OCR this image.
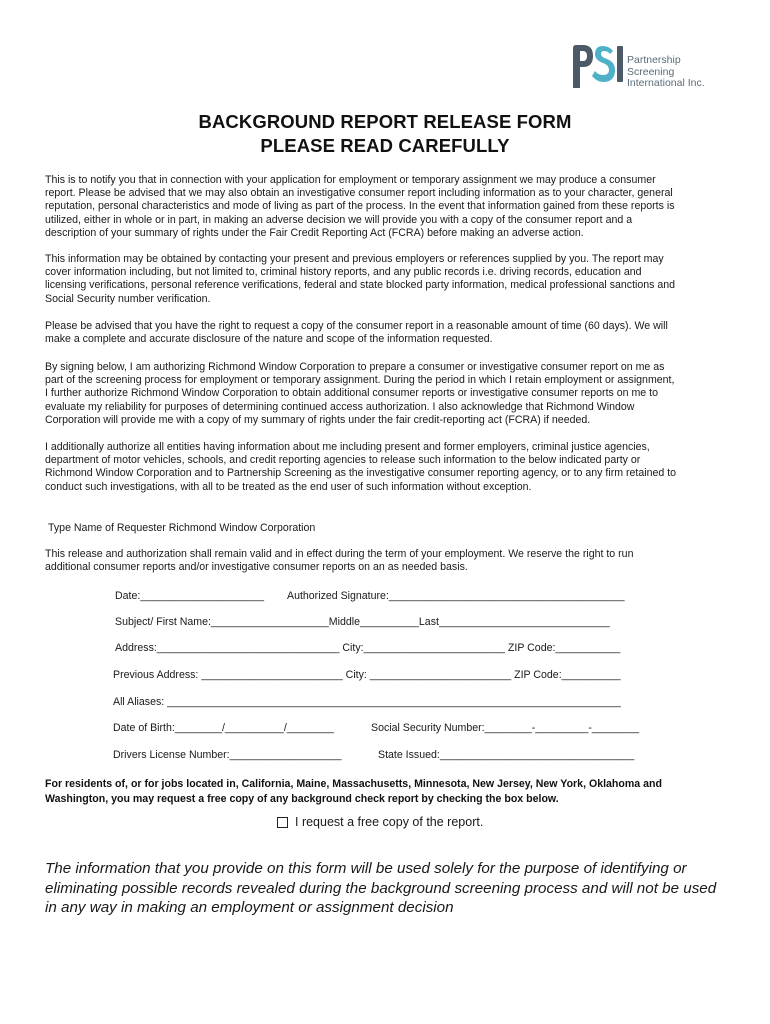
Partnership
Screening
International Inc.
BACKGROUND REPORT RELEASE FORM
PLEASE READ CAREFULLY
This is to notify you that in connection with your application for employment or temporary assignment we may produce a consumer
report. Please be advised that we may also obtain an investigative consumer report including information as to your character, general
reputation, personal characteristics and mode of living as part of the process. In the event that information gained from these reports is
utilized, either in whole or in part, in making an adverse decision we will provide you with a copy of the consumer report and a
description of your summary of rights under the Fair Credit Reporting Act (FCRA) before making an adverse action.
This information may be obtained by contacting your present and previous employers or references supplied by you. The report may
cover information including, but not limited to, criminal history reports, and any public records i.e. driving records, education and
licensing verifications, personal reference verifications, federal and state blocked party information, medical professional sanctions and
Social Security number verification.
Please be advised that you have the right to request a copy of the consumer report in a reasonable amount of time (60 days). We will
make a complete and accurate disclosure of the nature and scope of the information requested.
By signing below, I am authorizing Richmond Window Corporation to prepare a consumer or investigative consumer report on me as
part of the screening process for employment or temporary assignment. During the period in which I retain employment or assignment,
I further authorize Richmond Window Corporation to obtain additional consumer reports or investigative consumer reports on me to
evaluate my reliability for purposes of determining continued access authorization. I also acknowledge that Richmond Window
Corporation will provide me with a copy of my summary of rights under the fair credit-reporting act (FCRA) if needed.
I additionally authorize all entities having information about me including present and former employers, criminal justice agencies,
department of motor vehicles, schools, and credit reporting agencies to release such information to the below indicated party or
Richmond Window Corporation and to Partnership Screening as the investigative consumer reporting agency, or to any firm retained to
conduct such investigations, with all to be treated as the end user of such information without exception.
Type Name of Requester Richmond Window Corporation
This release and authorization shall remain valid and in effect during the term of your employment. We reserve the right to run
additional consumer reports and/or investigative consumer reports on an as needed basis.
Date:_____________________ Authorized Signature:________________________________________
Subject/ First Name:____________________Middle__________Last_____________________________
Address:_______________________________ City:________________________ ZIP Code:___________
Previous Address: ________________________ City: ________________________ ZIP Code:__________
All Aliases: _____________________________________________________________________________
Date of Birth:________/__________/________	Social Security Number:________-_________-________
Drivers License Number:___________________	State Issued:_________________________________
For residents of, or for jobs located in, California, Maine, Massachusetts, Minnesota, New Jersey, New York, Oklahoma and
Washington, you may request a free copy of any background check report by checking the box below.
I request a free copy of the report.
The information that you provide on this form will be used solely for the purpose of identifying or
eliminating possible records revealed during the background screening process and will not be used
in any way in making an employment or assignment decision
